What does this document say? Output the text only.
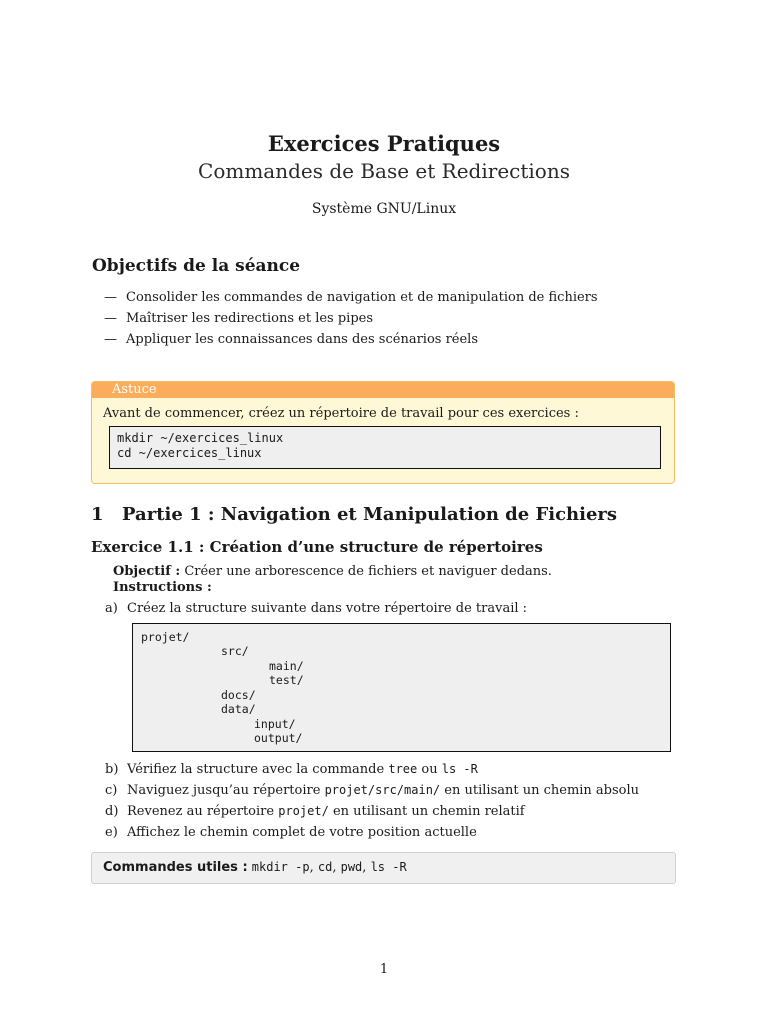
Exercices Pratiques
Commandes de Base et Redirections
Système GNU/Linux
Objectifs de la séance
— Consolider les commandes de navigation et de manipulation de fichiers
— Maîtriser les redirections et les pipes
— Appliquer les connaissances dans des scénarios réels
Astuce
Avant de commencer, créez un répertoire de travail pour ces exercices :
mkdir ~/exercices_linux
cd ~/exercices_linux
1 Partie 1 : Navigation et Manipulation de Fichiers
Exercice 1.1 : Création d’une structure de répertoires
Objectif : Créer une arborescence de fichiers et naviguer dedans.
Instructions :
a) Créez la structure suivante dans votre répertoire de travail :
projet/
src/
main/
test/
docs/
data/
input/
output/
b) Vérifiez la structure avec la commande tree ou ls -R
c) Naviguez jusqu’au répertoire projet/src/main/ en utilisant un chemin absolu
d) Revenez au répertoire projet/ en utilisant un chemin relatif
e) Affichez le chemin complet de votre position actuelle
Commandes utiles : mkdir -p, cd, pwd, ls -R
1
